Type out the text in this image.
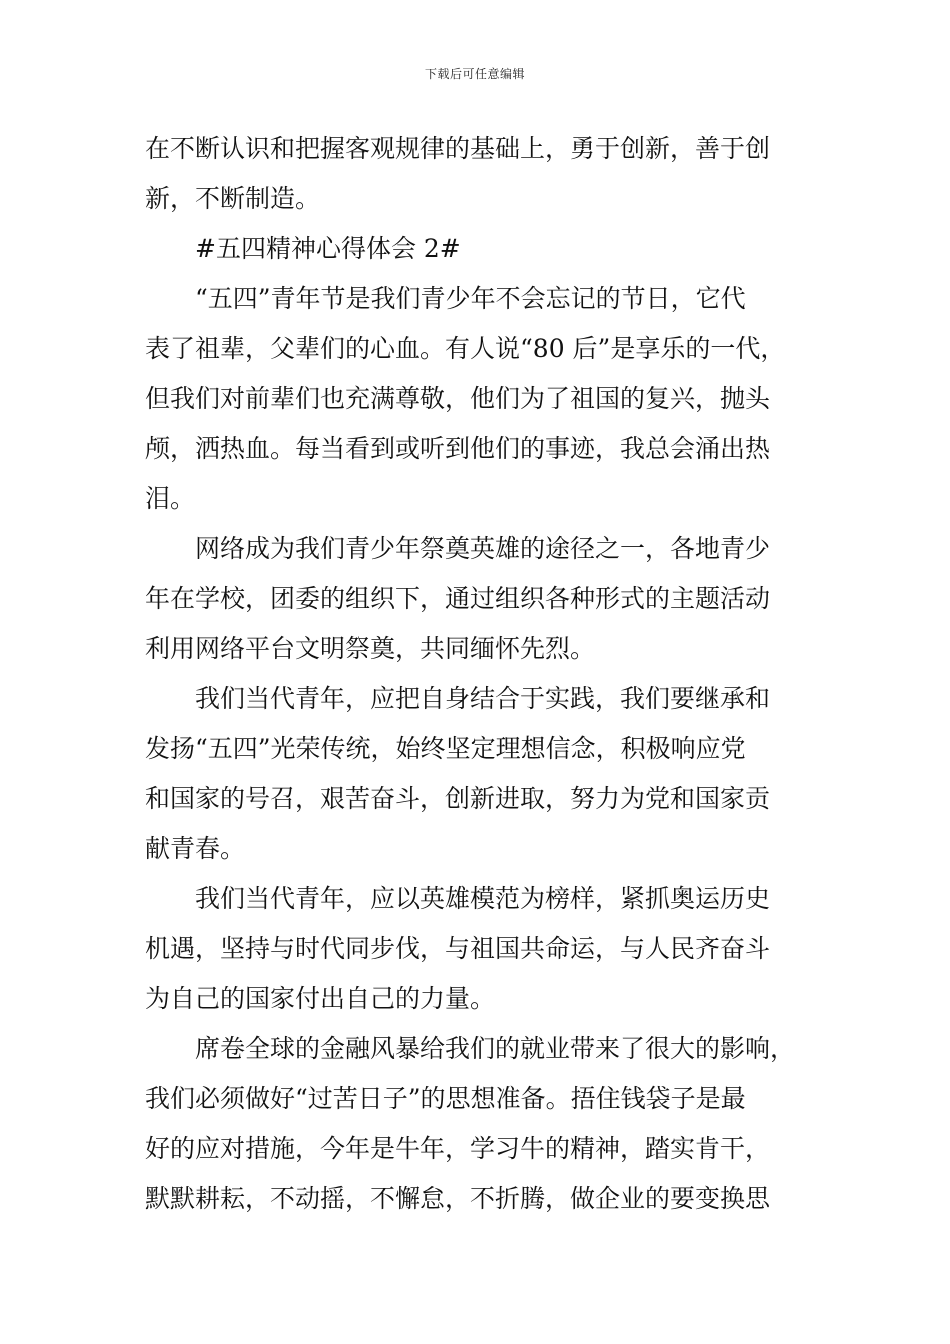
下载后可任意编辑
在不断认识和把握客观规律的基础上，勇于创新，善于创
新，不断制造。
　　#五四精神心得体会 2#
　　“五四”青年节是我们青少年不会忘记的节日，它代
表了祖辈，父辈们的心血。有人说“80 后”是享乐的一代，
但我们对前辈们也充满尊敬，他们为了祖国的复兴，抛头
颅，洒热血。每当看到或听到他们的事迹，我总会涌出热
泪。
　　网络成为我们青少年祭奠英雄的途径之一，各地青少
年在学校，团委的组织下，通过组织各种形式的主题活动
利用网络平台文明祭奠，共同缅怀先烈。
　　我们当代青年，应把自身结合于实践，我们要继承和
发扬“五四”光荣传统，始终坚定理想信念，积极响应党
和国家的号召，艰苦奋斗，创新进取，努力为党和国家贡
献青春。
　　我们当代青年，应以英雄模范为榜样，紧抓奥运历史
机遇，坚持与时代同步伐，与祖国共命运，与人民齐奋斗
为自己的国家付出自己的力量。
　　席卷全球的金融风暴给我们的就业带来了很大的影响，
我们必须做好“过苦日子”的思想准备。捂住钱袋子是最
好的应对措施，今年是牛年，学习牛的精神，踏实肯干，
默默耕耘，不动摇，不懈怠，不折腾，做企业的要变换思
